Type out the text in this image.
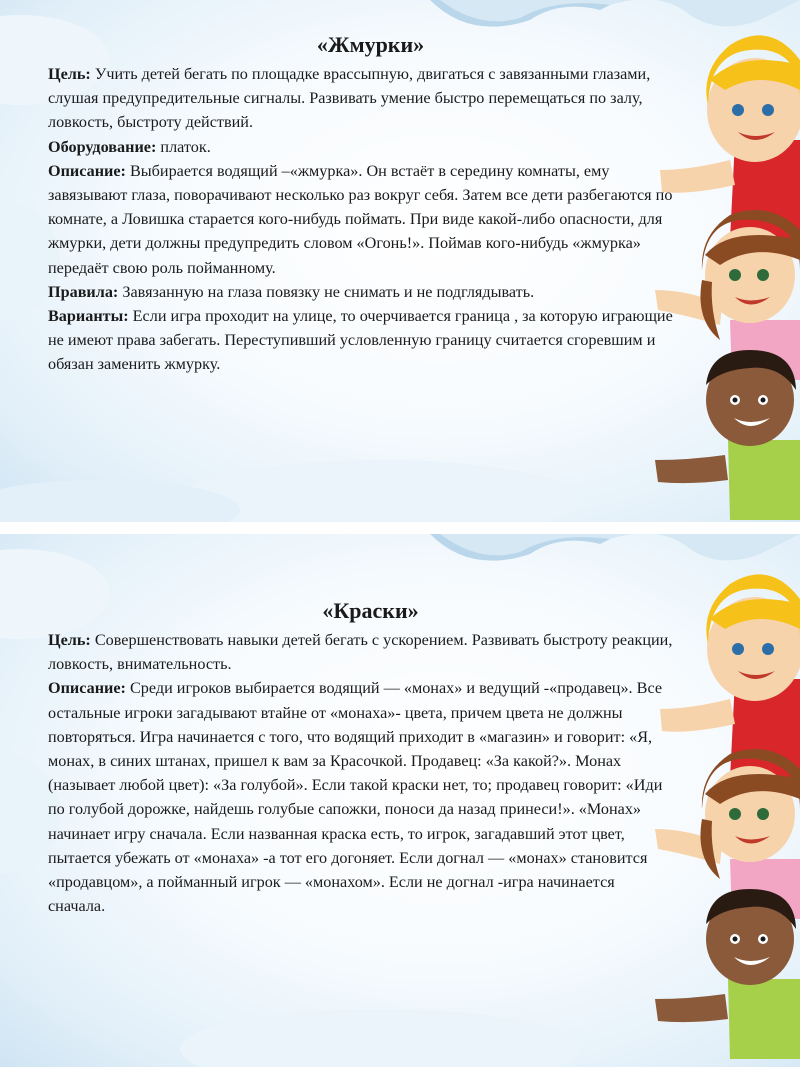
«Жмурки»

Цель: Учить детей бегать по площадке врассыпную, двигаться с завязанными глазами, слушая предупредительные сигналы. Развивать умение быстро перемещаться по залу, ловкость, быстроту действий.

Оборудование: платок.

Описание: Выбирается водящий –«жмурка». Он встаёт в середину комнаты, ему завязывают глаза, поворачивают несколько раз вокруг себя. Затем все дети разбегаются по комнате, а Ловишка старается кого-нибудь поймать. При виде какой-либо опасности, для жмурки, дети должны предупредить словом «Огонь!». Поймав кого-нибудь «жмурка» передаёт свою роль пойманному.

Правила: Завязанную на глаза повязку не снимать и не подглядывать.

Варианты: Если игра проходит на улице, то очерчивается граница , за которую играющие не имеют права забегать. Переступивший условленную границу считается сгоревшим и обязан заменить жмурку.

«Краски»

Цель: Совершенствовать навыки детей бегать с ускорением. Развивать быстроту реакции, ловкость, внимательность.

Описание: Среди игроков выбирается водящий — «монах» и ведущий -«продавец». Все остальные игроки загадывают втайне от «монаха»- цвета, причем цвета не должны повторяться. Игра начинается с того, что водящий приходит в «магазин» и говорит: «Я, монах, в синих штанах, пришел к вам за Красочкой. Продавец: «За какой?». Монах (называет любой цвет): «За голубой». Если такой краски нет, то; продавец говорит: «Иди по голубой дорожке, найдешь голубые сапожки, поноси да назад принеси!». «Монах» начинает игру сначала. Если названная краска есть, то игрок, загадавший этот цвет, пытается убежать от «монаха» -а тот его догоняет. Если догнал — «монах» становится «продавцом», а пойманный игрок — «монахом». Если не догнал -игра начинается сначала.
